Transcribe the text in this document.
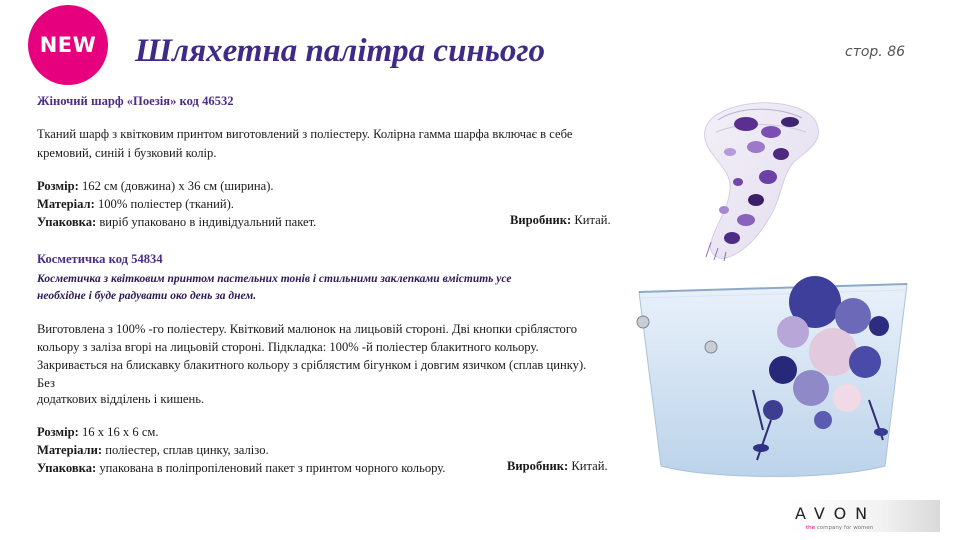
NEW Шляхетна палітра синього	стор. 86

Жіночий шарф «Поезія» код 46532

Тканий шарф з квітковим принтом виготовлений з поліестеру. Колірна гамма шарфа включає в себе

кремовий, синій і бузковий колір.

Розмір: 162 см (довжина) х 36 см (ширина).

Матеріал: 100% поліестер (тканий).

Упаковка: виріб упаковано в індивідуальний пакет.	Виробник: Китай.

Косметичка код 54834

Косметичка з квітковим принтом пастельних тонів і стильними заклепками вмістить усе

необхідне і буде радувати око день за днем.

Виготовлена з 100% -го поліестеру. Квітковий малюнок на лицьовій стороні. Дві кнопки сріблястого

кольору з заліза вгорі на лицьовій стороні. Підкладка: 100% -й поліестер блакитного кольору.

Закривається на блискавку блакитного кольору з сріблястим бігунком і довгим язичком (сплав цинку).

Без

додаткових відділень і кишень.

Розмір: 16 х 16 х 6 см.

Матеріали: поліестер, сплав цинку, залізо.

Упаковка: упакована в поліпропіленовий пакет з принтом чорного кольору.	Виробник: Китай.
AVON
the company for women
